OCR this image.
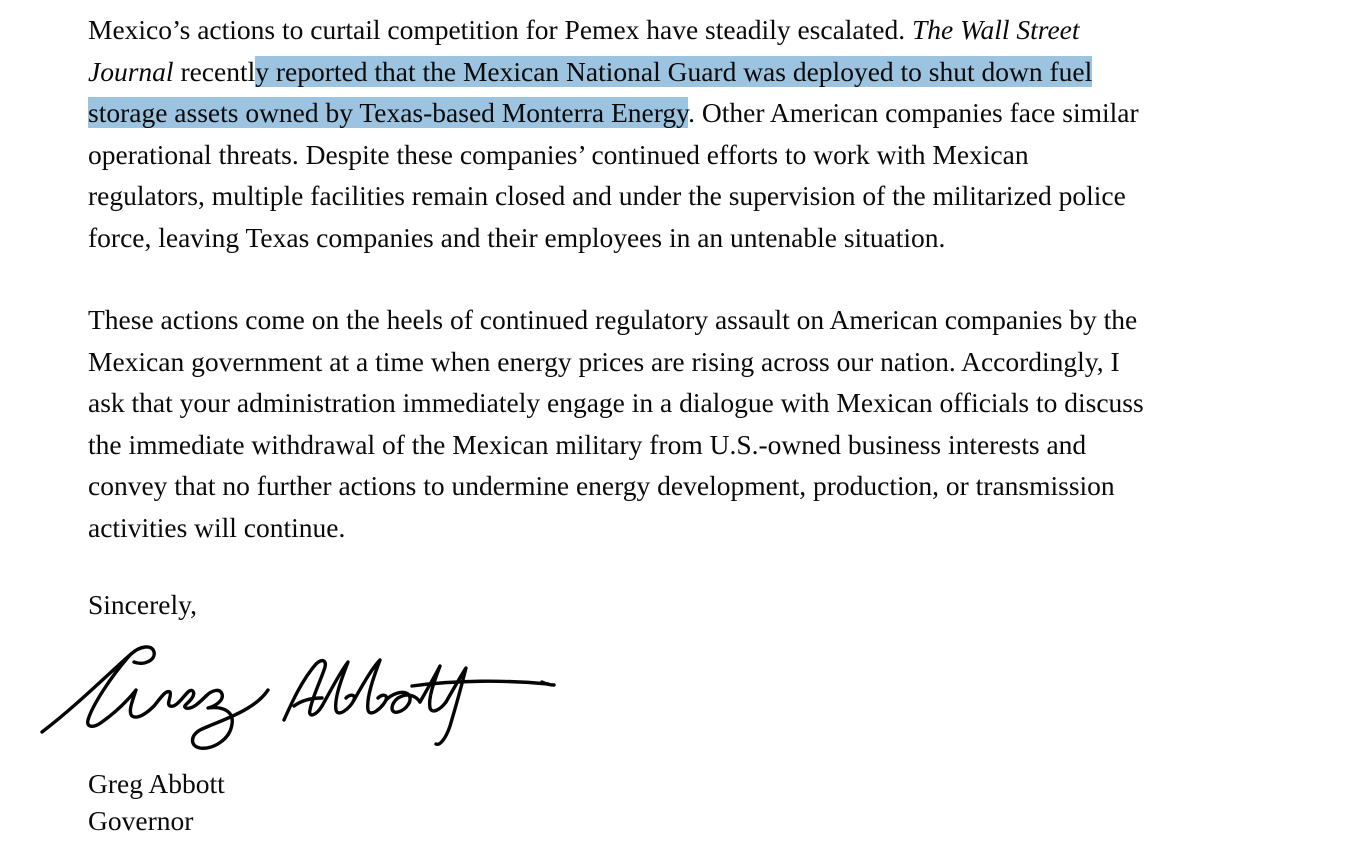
Mexico’s actions to curtail competition for Pemex have steadily escalated. The Wall Street
Journal recently reported that the Mexican National Guard was deployed to shut down fuel
storage assets owned by Texas-based Monterra Energy. Other American companies face similar
operational threats. Despite these companies’ continued efforts to work with Mexican
regulators, multiple facilities remain closed and under the supervision of the militarized police
force, leaving Texas companies and their employees in an untenable situation.

These actions come on the heels of continued regulatory assault on American companies by the
Mexican government at a time when energy prices are rising across our nation. Accordingly, I
ask that your administration immediately engage in a dialogue with Mexican officials to discuss
the immediate withdrawal of the Mexican military from U.S.-owned business interests and
convey that no further actions to undermine energy development, production, or transmission
activities will continue.

Sincerely,

Greg Abbott

Governor
